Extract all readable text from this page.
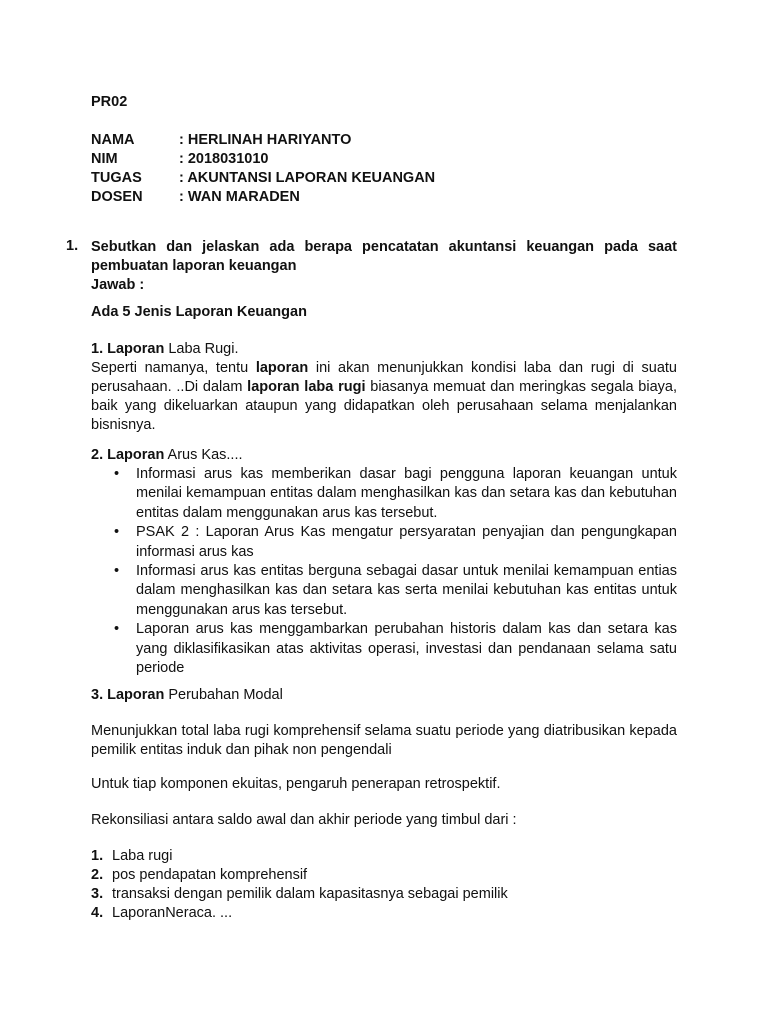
PR02
NAMA	: HERLINAH HARIYANTO
NIM	: 2018031010
TUGAS	: AKUNTANSI LAPORAN KEUANGAN
DOSEN	: WAN MARADEN
1. Sebutkan dan jelaskan ada berapa pencatatan akuntansi keuangan pada saat pembuatan laporan keuangan
Jawab :
Ada 5 Jenis Laporan Keuangan
1. Laporan Laba Rugi.
Seperti namanya, tentu laporan ini akan menunjukkan kondisi laba dan rugi di suatu perusahaan. ..Di dalam laporan laba rugi biasanya memuat dan meringkas segala biaya, baik yang dikeluarkan ataupun yang didapatkan oleh perusahaan selama menjalankan bisnisnya.
2. Laporan Arus Kas....
• Informasi arus kas memberikan dasar bagi pengguna laporan keuangan untuk menilai kemampuan entitas dalam menghasilkan kas dan setara kas dan kebutuhan entitas dalam menggunakan arus kas tersebut.
• PSAK 2 : Laporan Arus Kas mengatur persyaratan penyajian dan pengungkapan informasi arus kas
• Informasi arus kas entitas berguna sebagai dasar untuk menilai kemampuan entias dalam menghasilkan kas dan setara kas serta menilai kebutuhan kas entitas untuk menggunakan arus kas tersebut.
• Laporan arus kas menggambarkan perubahan historis dalam kas dan setara kas yang diklasifikasikan atas aktivitas operasi, investasi dan pendanaan selama satu periode
3. Laporan Perubahan Modal
Menunjukkan total laba rugi komprehensif selama suatu periode yang diatribusikan kepada pemilik entitas induk dan pihak non pengendali
Untuk tiap komponen ekuitas, pengaruh penerapan retrospektif.
Rekonsiliasi antara saldo awal dan akhir periode yang timbul dari :
1. Laba rugi
2. pos pendapatan komprehensif
3. transaksi dengan pemilik dalam kapasitasnya sebagai pemilik
4. LaporanNeraca. ...
